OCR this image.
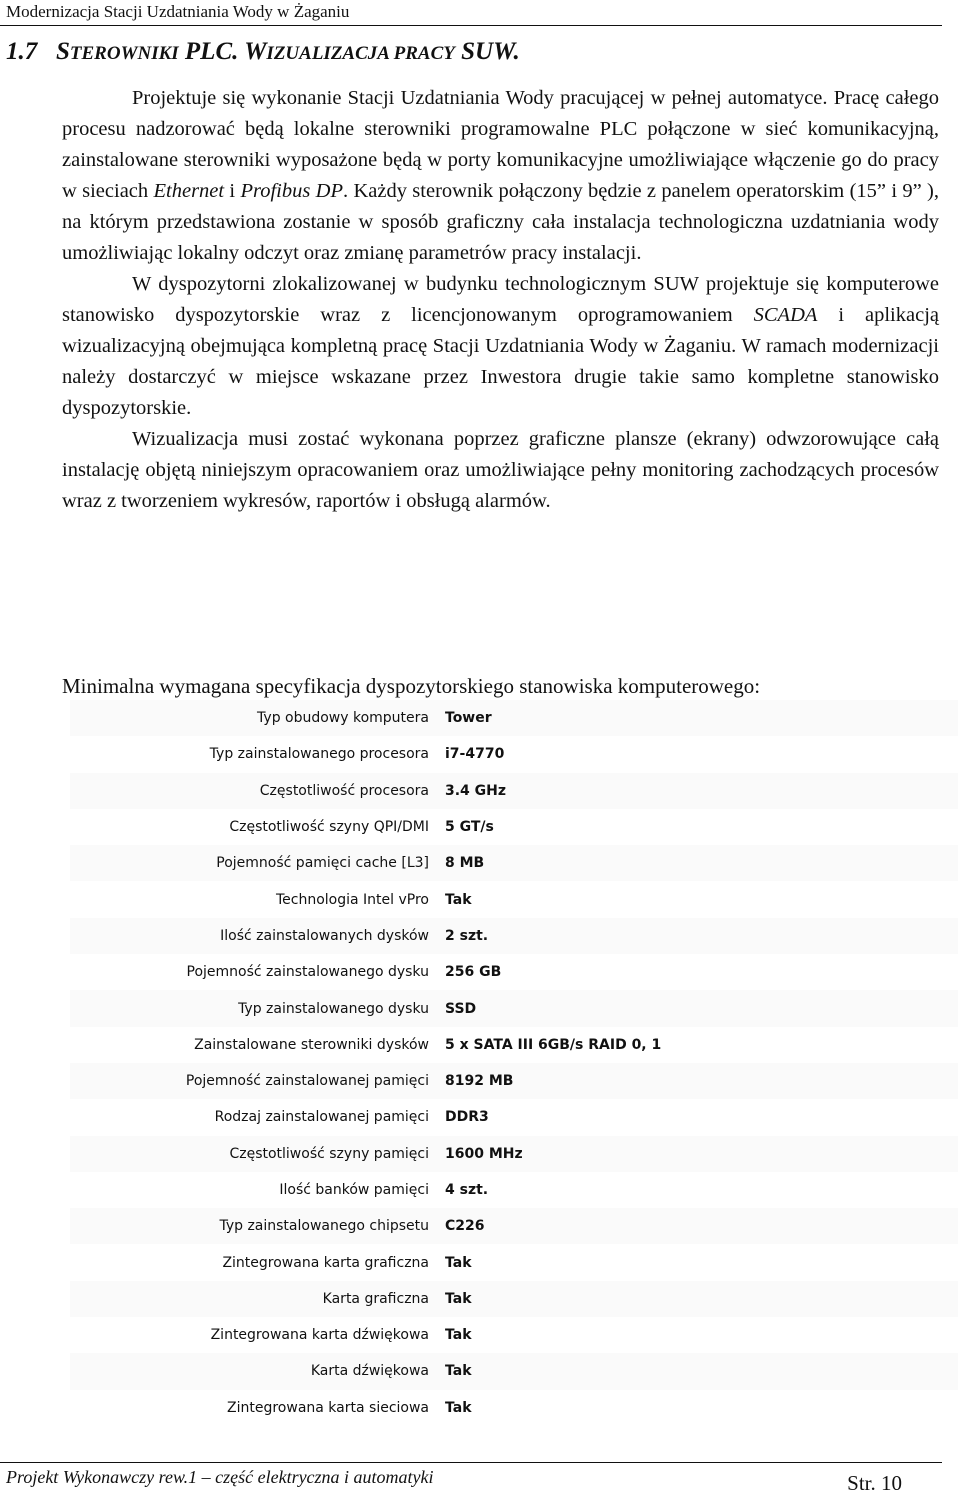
Modernizacja Stacji Uzdatniania Wody w Żaganiu
1.7 STEROWNIKI PLC. WIZUALIZACJA PRACY SUW.

Projektuje się wykonanie Stacji Uzdatniania Wody pracującej w pełnej automatyce. Pracę całego procesu nadzorować będą lokalne sterowniki programowalne PLC połączone w sieć komunikacyjną, zainstalowane sterowniki wyposażone będą w porty komunikacyjne umożliwiające włączenie go do pracy w sieciach Ethernet i Profibus DP. Każdy sterownik połączony będzie z panelem operatorskim (15” i 9” ), na którym przedstawiona zostanie w sposób graficzny cała instalacja technologiczna uzdatniania wody umożliwiając lokalny odczyt oraz zmianę parametrów pracy instalacji.

W dyspozytorni zlokalizowanej w budynku technologicznym SUW projektuje się komputerowe stanowisko dyspozytorskie wraz z licencjonowanym oprogramowaniem SCADA i aplikacją wizualizacyjną obejmująca kompletną pracę Stacji Uzdatniania Wody w Żaganiu. W ramach modernizacji należy dostarczyć w miejsce wskazane przez Inwestora drugie takie samo kompletne stanowisko dyspozytorskie.

Wizualizacja musi zostać wykonana poprzez graficzne plansze (ekrany) odwzorowujące całą instalację objętą niniejszym opracowaniem oraz umożliwiające pełny monitoring zachodzących procesów wraz z tworzeniem wykresów, raportów i obsługą alarmów.

Minimalna wymagana specyfikacja dyspozytorskiego stanowiska komputerowego:
Typ obudowy komputera	Tower
Typ zainstalowanego procesora	i7-4770
Częstotliwość procesora	3.4 GHz
Częstotliwość szyny QPI/DMI	5 GT/s
Pojemność pamięci cache [L3]	8 MB
Technologia Intel vPro	Tak
Ilość zainstalowanych dysków	2 szt.
Pojemność zainstalowanego dysku	256 GB
Typ zainstalowanego dysku	SSD
Zainstalowane sterowniki dysków	5 x SATA III 6GB/s RAID 0, 1
Pojemność zainstalowanej pamięci	8192 MB
Rodzaj zainstalowanej pamięci	DDR3
Częstotliwość szyny pamięci	1600 MHz
Ilość banków pamięci	4 szt.
Typ zainstalowanego chipsetu	C226
Zintegrowana karta graficzna	Tak
Karta graficzna	Tak
Zintegrowana karta dźwiękowa	Tak
Karta dźwiękowa	Tak
Zintegrowana karta sieciowa	Tak
Projekt Wykonawczy rew.1 – część elektryczna i automatyki	Str. 10
